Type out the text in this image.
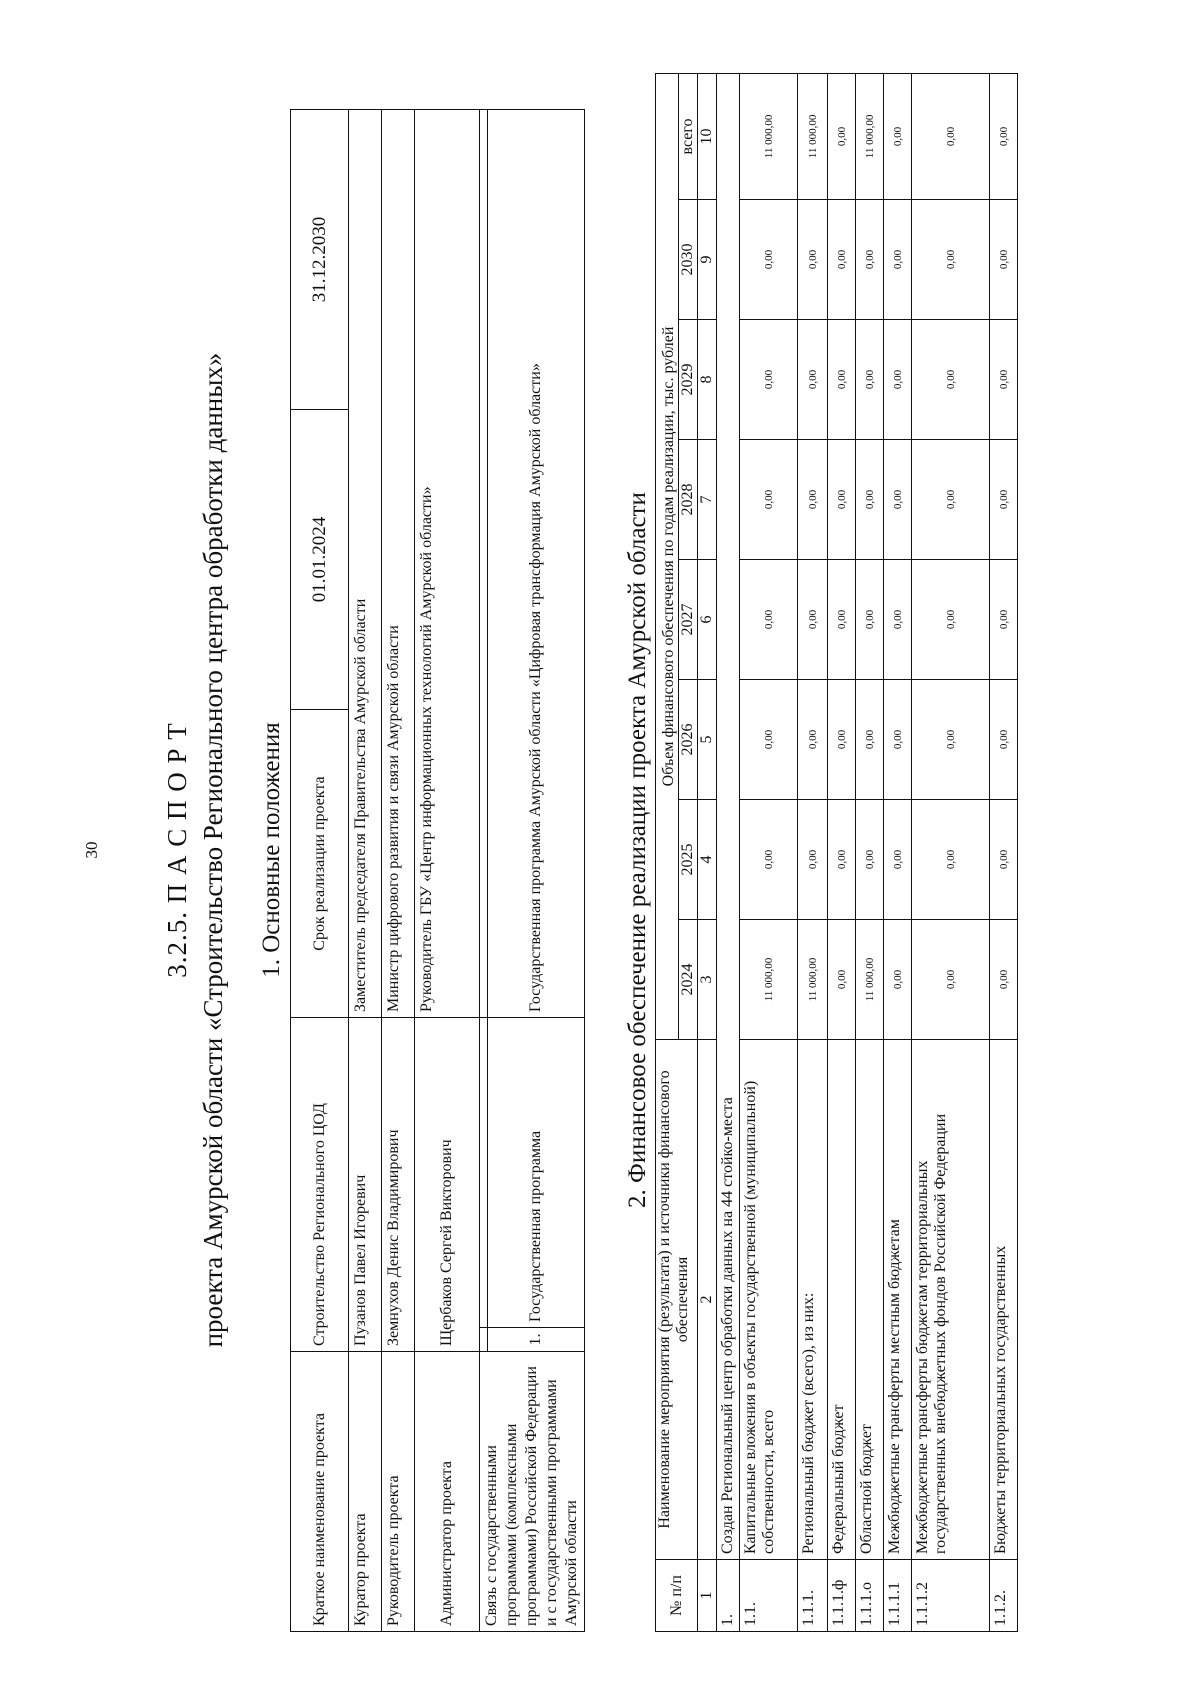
30 3.2.5. П А С П О Р Т проекта Амурской области «Строительство Регионального центра обработки данных» 1. Основные положения
Краткое наименование проекта	Строительство Регионального ЦОД		Срок реализации проекта	01.01.2024	31.12.2030
Куратор проекта	Пузанов Павел Игоревич		Заместитель председателя Правительства Амурской области		
Руководитель проекта	Земнухов Денис Владимирович		Министр цифрового развития и связи Амурской области		
Администратор проекта	Щербаков Сергей Викторович		Руководитель ГБУ «Центр информационных технологий Амурской области»		
Связь с государственными программами (комплексными программами) Российской Федерации и с государственными программами Амурской области					
	1.	Государственная программа	Государственная программа Амурской области «Цифровая трансформация Амурской области»			2. Финансовое обеспечение реализации проекта Амурской области
№ п/п	Наименование мероприятия (результата) и источники финансового обеспечения	Объем финансового обеспечения по годам реализации, тыс. рублей							
		2024	2025	2026	2027	2028	2029	2030	всего
1	2	3	4	5	6	7	8	9	10
1.	Создан Региональный центр обработки данных на 44 стойко-места								
1.1.	Капитальные вложения в объекты государственной (муниципальной) собственности, всего	11 000,00	0,00	0,00	0,00	0,00	0,00	0,00	11 000,00
1.1.1.	Региональный бюджет (всего), из них:	11 000,00	0,00	0,00	0,00	0,00	0,00	0,00	11 000,00
1.1.1.ф	Федеральный бюджет	0,00	0,00	0,00	0,00	0,00	0,00	0,00	0,00
1.1.1.о	Областной бюджет	11 000,00	0,00	0,00	0,00	0,00	0,00	0,00	11 000,00
1.1.1.1	Межбюджетные трансферты местным бюджетам	0,00	0,00	0,00	0,00	0,00	0,00	0,00	0,00
1.1.1.2	Межбюджетные трансферты бюджетам территориальных государственных внебюджетных фондов Российской Федерации	0,00	0,00	0,00	0,00	0,00	0,00	0,00	0,00
1.1.2.	Бюджеты территориальных государственных	0,00	0,00	0,00	0,00	0,00	0,00	0,00	0,00
